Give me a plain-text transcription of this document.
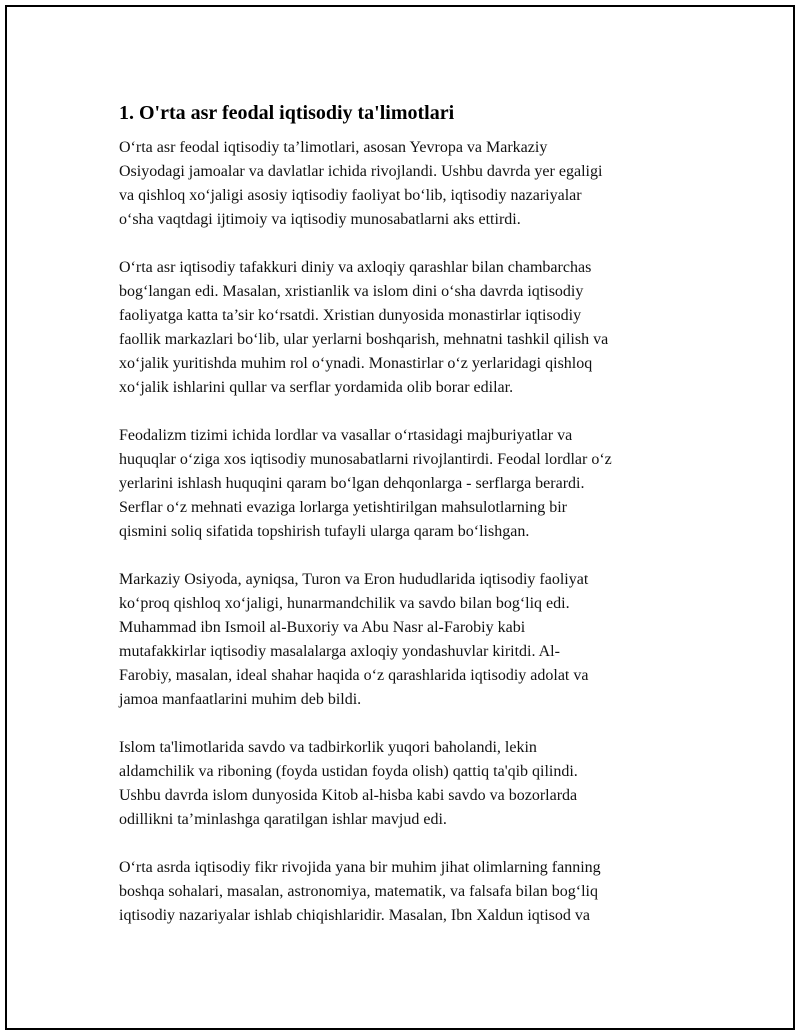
1. O'rta asr feodal iqtisodiy ta'limotlari

O‘rta asr feodal iqtisodiy ta’limotlari, asosan Yevropa va Markaziy
Osiyodagi jamoalar va davlatlar ichida rivojlandi. Ushbu davrda yer egaligi
va qishloq xo‘jaligi asosiy iqtisodiy faoliyat bo‘lib, iqtisodiy nazariyalar
o‘sha vaqtdagi ijtimoiy va iqtisodiy munosabatlarni aks ettirdi.

O‘rta asr iqtisodiy tafakkuri diniy va axloqiy qarashlar bilan chambarchas
bog‘langan edi. Masalan, xristianlik va islom dini o‘sha davrda iqtisodiy
faoliyatga katta ta’sir ko‘rsatdi. Xristian dunyosida monastirlar iqtisodiy
faollik markazlari bo‘lib, ular yerlarni boshqarish, mehnatni tashkil qilish va
xo‘jalik yuritishda muhim rol o‘ynadi. Monastirlar o‘z yerlaridagi qishloq
xo‘jalik ishlarini qullar va serflar yordamida olib borar edilar.

Feodalizm tizimi ichida lordlar va vasallar o‘rtasidagi majburiyatlar va
huquqlar o‘ziga xos iqtisodiy munosabatlarni rivojlantirdi. Feodal lordlar o‘z
yerlarini ishlash huquqini qaram bo‘lgan dehqonlarga - serflarga berardi.
Serflar o‘z mehnati evaziga lorlarga yetishtirilgan mahsulotlarning bir
qismini soliq sifatida topshirish tufayli ularga qaram bo‘lishgan.

Markaziy Osiyoda, ayniqsa, Turon va Eron hududlarida iqtisodiy faoliyat
ko‘proq qishloq xo‘jaligi, hunarmandchilik va savdo bilan bog‘liq edi.
Muhammad ibn Ismoil al-Buxoriy va Abu Nasr al-Farobiy kabi
mutafakkirlar iqtisodiy masalalarga axloqiy yondashuvlar kiritdi. Al-
Farobiy, masalan, ideal shahar haqida o‘z qarashlarida iqtisodiy adolat va
jamoa manfaatlarini muhim deb bildi.

Islom ta'limotlarida savdo va tadbirkorlik yuqori baholandi, lekin
aldamchilik va riboning (foyda ustidan foyda olish) qattiq ta'qib qilindi.
Ushbu davrda islom dunyosida Kitob al-hisba kabi savdo va bozorlarda
odillikni ta’minlashga qaratilgan ishlar mavjud edi.

O‘rta asrda iqtisodiy fikr rivojida yana bir muhim jihat olimlarning fanning
boshqa sohalari, masalan, astronomiya, matematik, va falsafa bilan bog‘liq
iqtisodiy nazariyalar ishlab chiqishlaridir. Masalan, Ibn Xaldun iqtisod va
